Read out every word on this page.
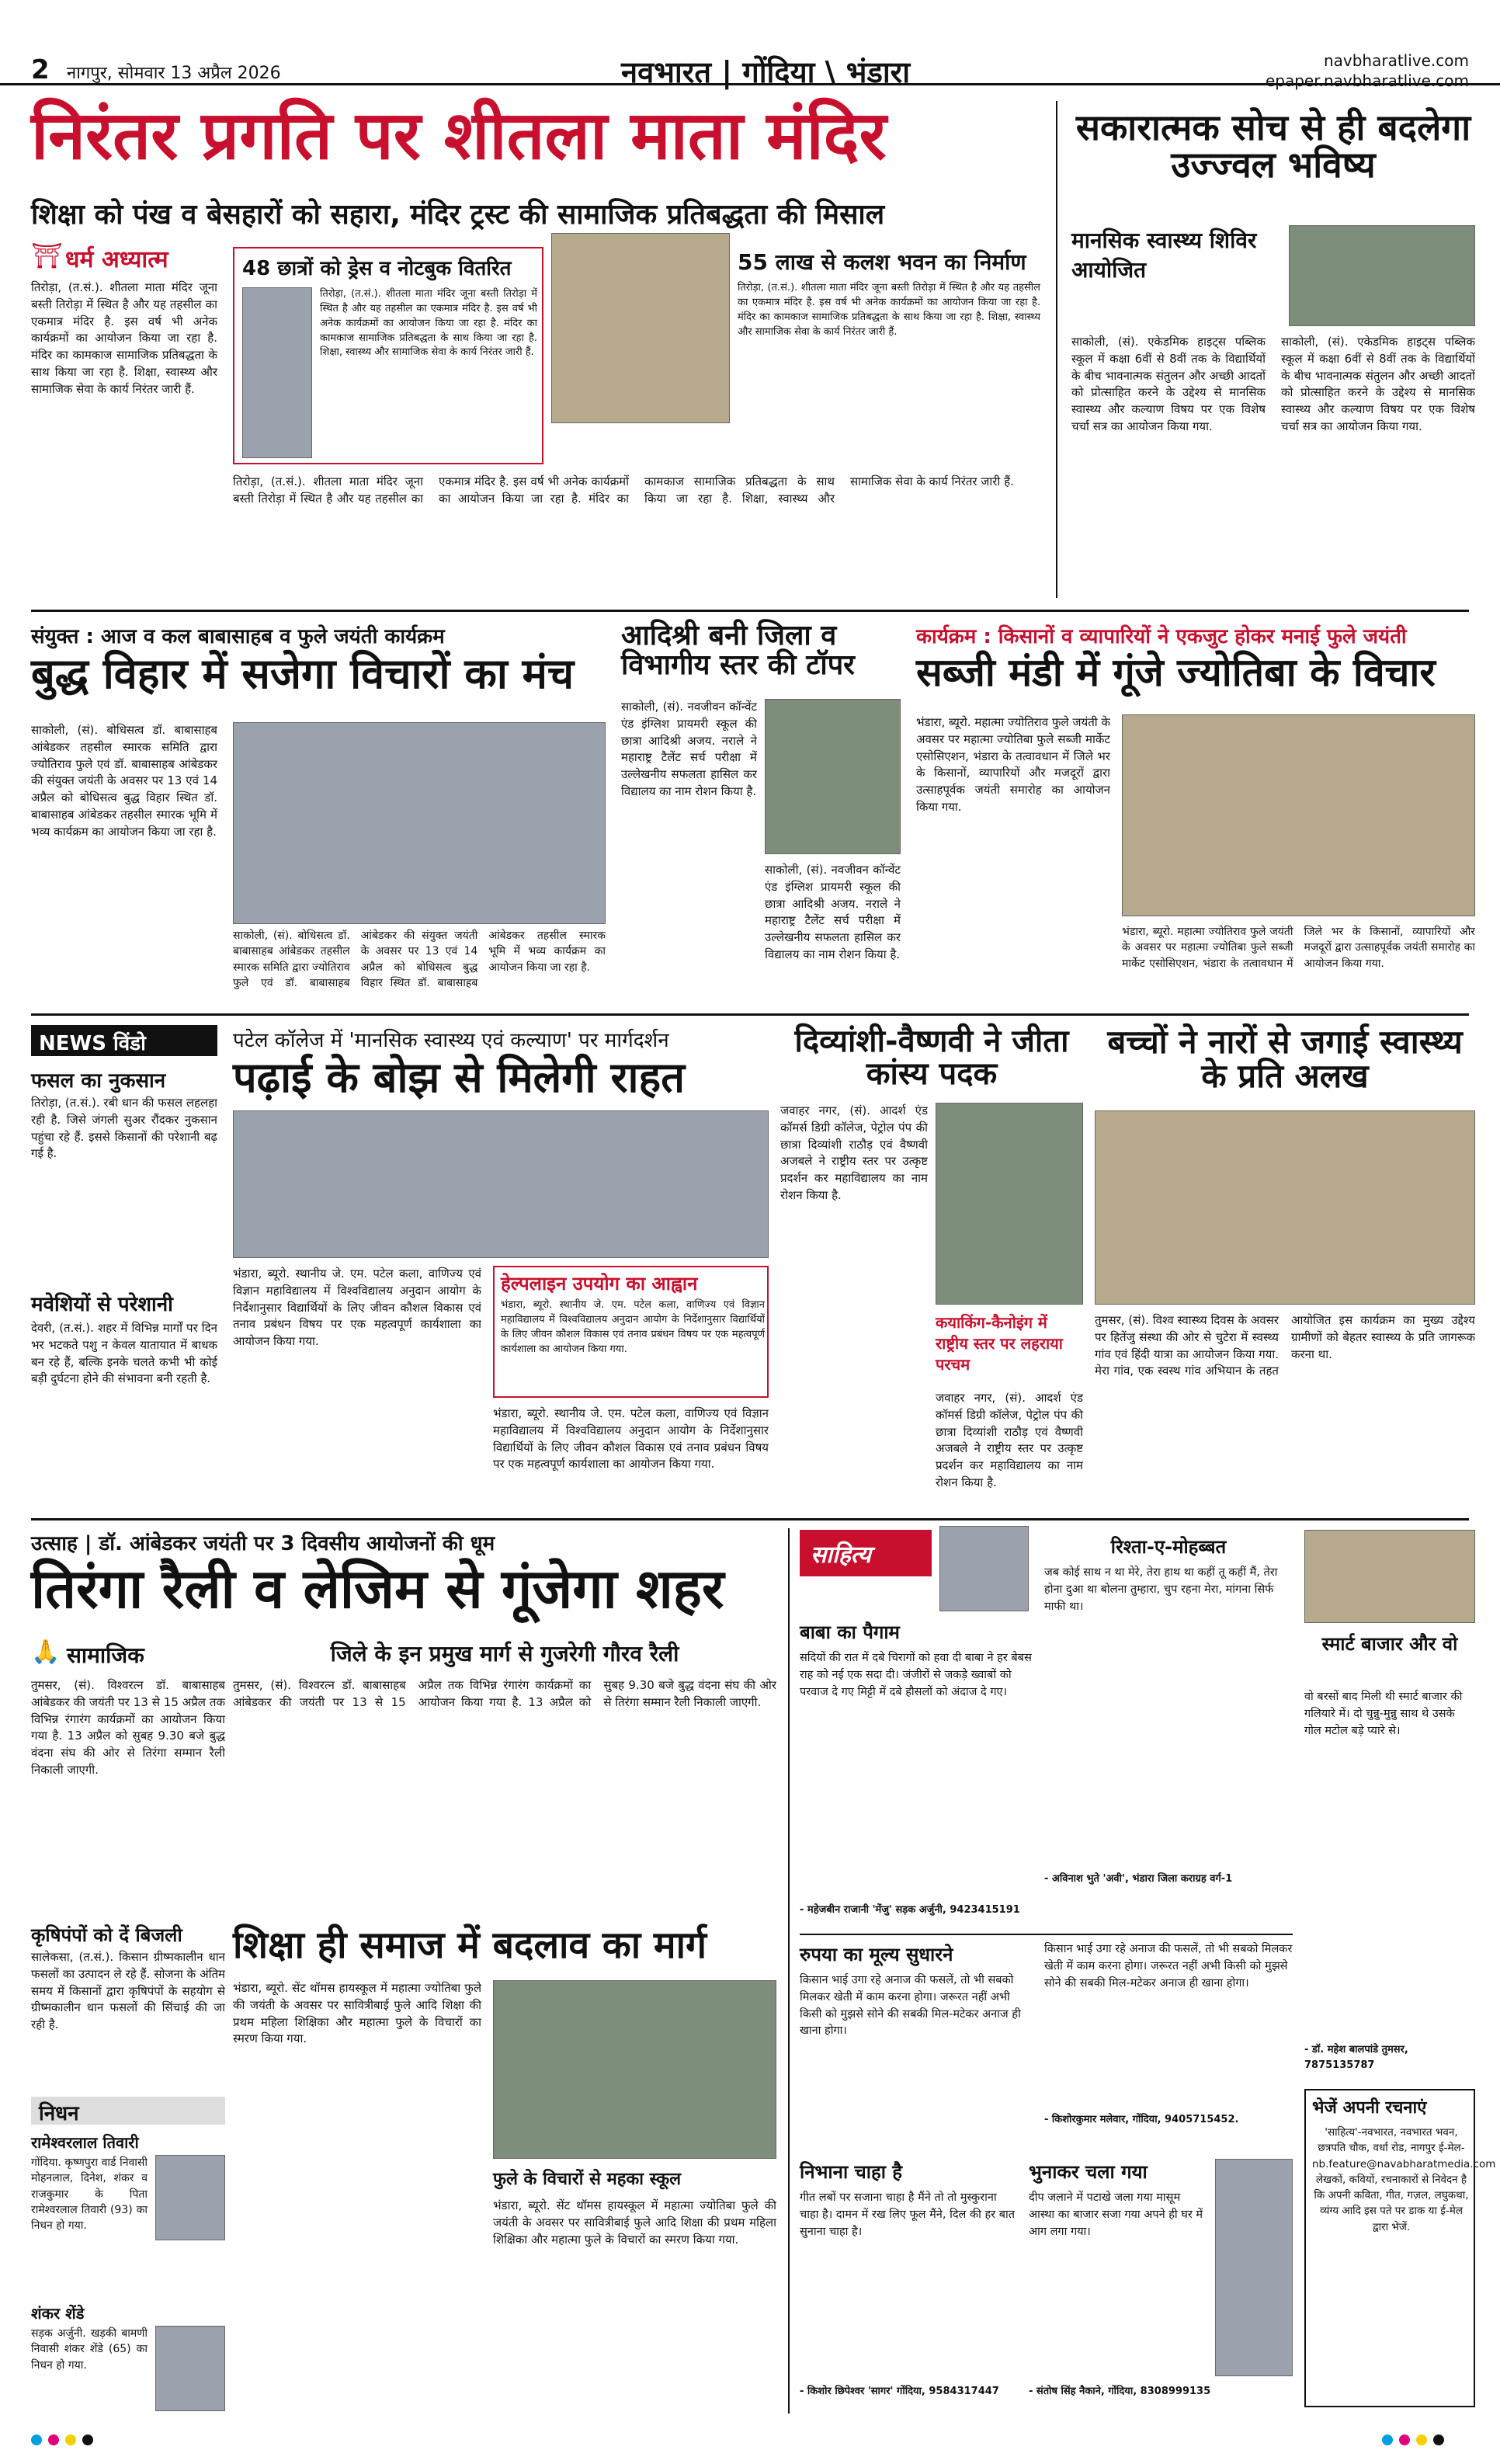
2 नागपुर, सोमवार 13 अप्रैल 2026	नवभारत | गोंदिया \ भंडारा	navbharatlive.com
epaper.navbharatlive.com
निरंतर प्रगति पर शीतला माता मंदिर
शिक्षा को पंख व बेसहारों को सहारा, मंदिर ट्रस्ट की सामाजिक प्रतिबद्धता की मिसाल
⛩ धर्म अध्यात्म
तिरोड़ा, (त.सं.). शीतला माता मंदिर जूना बस्ती तिरोड़ा में स्थित है और यह तहसील का एकमात्र मंदिर है. इस वर्ष भी अनेक कार्यक्रमों का आयोजन किया जा रहा है. मंदिर का कामकाज सामाजिक प्रतिबद्धता के साथ किया जा रहा है. शिक्षा, स्वास्थ्य और सामाजिक सेवा के कार्य निरंतर जारी हैं.
48 छात्रों को ड्रेस व नोटबुक वितरित
तिरोड़ा, (त.सं.). शीतला माता मंदिर जूना बस्ती तिरोड़ा में स्थित है और यह तहसील का एकमात्र मंदिर है. इस वर्ष भी अनेक कार्यक्रमों का आयोजन किया जा रहा है. मंदिर का कामकाज सामाजिक प्रतिबद्धता के साथ किया जा रहा है. शिक्षा, स्वास्थ्य और सामाजिक सेवा के कार्य निरंतर जारी हैं.
55 लाख से कलश भवन का निर्माण
तिरोड़ा, (त.सं.). शीतला माता मंदिर जूना बस्ती तिरोड़ा में स्थित है और यह तहसील का एकमात्र मंदिर है. इस वर्ष भी अनेक कार्यक्रमों का आयोजन किया जा रहा है. मंदिर का कामकाज सामाजिक प्रतिबद्धता के साथ किया जा रहा है. शिक्षा, स्वास्थ्य और सामाजिक सेवा के कार्य निरंतर जारी हैं.
तिरोड़ा, (त.सं.). शीतला माता मंदिर जूना बस्ती तिरोड़ा में स्थित है और यह तहसील का एकमात्र मंदिर है. इस वर्ष भी अनेक कार्यक्रमों का आयोजन किया जा रहा है. मंदिर का कामकाज सामाजिक प्रतिबद्धता के साथ किया जा रहा है. शिक्षा, स्वास्थ्य और सामाजिक सेवा के कार्य निरंतर जारी हैं.
सकारात्मक सोच से ही बदलेगा उज्ज्वल भविष्य
मानसिक स्वास्थ्य शिविर आयोजित
साकोली, (सं). एकेडमिक हाइट्स पब्लिक स्कूल में कक्षा 6वीं से 8वीं तक के विद्यार्थियों के बीच भावनात्मक संतुलन और अच्छी आदतों को प्रोत्साहित करने के उद्देश्य से मानसिक स्वास्थ्य और कल्याण विषय पर एक विशेष चर्चा सत्र का आयोजन किया गया.
साकोली, (सं). एकेडमिक हाइट्स पब्लिक स्कूल में कक्षा 6वीं से 8वीं तक के विद्यार्थियों के बीच भावनात्मक संतुलन और अच्छी आदतों को प्रोत्साहित करने के उद्देश्य से मानसिक स्वास्थ्य और कल्याण विषय पर एक विशेष चर्चा सत्र का आयोजन किया गया.
संयुक्त : आज व कल बाबासाहब व फुले जयंती कार्यक्रम
बुद्ध विहार में सजेगा विचारों का मंच
साकोली, (सं). बोधिसत्व डॉ. बाबासाहब आंबेडकर तहसील स्मारक समिति द्वारा ज्योतिराव फुले एवं डॉ. बाबासाहब आंबेडकर की संयुक्त जयंती के अवसर पर 13 एवं 14 अप्रैल को बोधिसत्व बुद्ध विहार स्थित डॉ. बाबासाहब आंबेडकर तहसील स्मारक भूमि में भव्य कार्यक्रम का आयोजन किया जा रहा है.
साकोली, (सं). बोधिसत्व डॉ. बाबासाहब आंबेडकर तहसील स्मारक समिति द्वारा ज्योतिराव फुले एवं डॉ. बाबासाहब आंबेडकर की संयुक्त जयंती के अवसर पर 13 एवं 14 अप्रैल को बोधिसत्व बुद्ध विहार स्थित डॉ. बाबासाहब आंबेडकर तहसील स्मारक भूमि में भव्य कार्यक्रम का आयोजन किया जा रहा है.
आदिश्री बनी जिला व विभागीय स्तर की टॉपर
साकोली, (सं). नवजीवन कॉन्वेंट एंड इंग्लिश प्रायमरी स्कूल की छात्रा आदिश्री अजय. नराले ने महाराष्ट्र टैलेंट सर्च परीक्षा में उल्लेखनीय सफलता हासिल कर विद्यालय का नाम रोशन किया है.
साकोली, (सं). नवजीवन कॉन्वेंट एंड इंग्लिश प्रायमरी स्कूल की छात्रा आदिश्री अजय. नराले ने महाराष्ट्र टैलेंट सर्च परीक्षा में उल्लेखनीय सफलता हासिल कर विद्यालय का नाम रोशन किया है.
कार्यक्रम : किसानों व व्यापारियों ने एकजुट होकर मनाई फुले जयंती
सब्जी मंडी में गूंजे ज्योतिबा के विचार
भंडारा, ब्यूरो. महात्मा ज्योतिराव फुले जयंती के अवसर पर महात्मा ज्योतिबा फुले सब्जी मार्केट एसोसिएशन, भंडारा के तत्वावधान में जिले भर के किसानों, व्यापारियों और मजदूरों द्वारा उत्साहपूर्वक जयंती समारोह का आयोजन किया गया.
भंडारा, ब्यूरो. महात्मा ज्योतिराव फुले जयंती के अवसर पर महात्मा ज्योतिबा फुले सब्जी मार्केट एसोसिएशन, भंडारा के तत्वावधान में जिले भर के किसानों, व्यापारियों और मजदूरों द्वारा उत्साहपूर्वक जयंती समारोह का आयोजन किया गया.
NEWS विंडो
फसल का नुकसान
तिरोड़ा, (त.सं.). रबी धान की फसल लहलहा रही है. जिसे जंगली सुअर रौंदकर नुकसान पहुंचा रहे हैं. इससे किसानों की परेशानी बढ़ गई है.
मवेशियों से परेशानी
देवरी, (त.सं.). शहर में विभिन्न मार्गों पर दिन भर भटकते पशु न केवल यातायात में बाधक बन रहे हैं, बल्कि इनके चलते कभी भी कोई बड़ी दुर्घटना होने की संभावना बनी रहती है.
पटेल कॉलेज में 'मानसिक स्वास्थ्य एवं कल्याण' पर मार्गदर्शन
पढ़ाई के बोझ से मिलेगी राहत
भंडारा, ब्यूरो. स्थानीय जे. एम. पटेल कला, वाणिज्य एवं विज्ञान महाविद्यालय में विश्वविद्यालय अनुदान आयोग के निर्देशानुसार विद्यार्थियों के लिए जीवन कौशल विकास एवं तनाव प्रबंधन विषय पर एक महत्वपूर्ण कार्यशाला का आयोजन किया गया.
हेल्पलाइन उपयोग का आह्वान
भंडारा, ब्यूरो. स्थानीय जे. एम. पटेल कला, वाणिज्य एवं विज्ञान महाविद्यालय में विश्वविद्यालय अनुदान आयोग के निर्देशानुसार विद्यार्थियों के लिए जीवन कौशल विकास एवं तनाव प्रबंधन विषय पर एक महत्वपूर्ण कार्यशाला का आयोजन किया गया.
भंडारा, ब्यूरो. स्थानीय जे. एम. पटेल कला, वाणिज्य एवं विज्ञान महाविद्यालय में विश्वविद्यालय अनुदान आयोग के निर्देशानुसार विद्यार्थियों के लिए जीवन कौशल विकास एवं तनाव प्रबंधन विषय पर एक महत्वपूर्ण कार्यशाला का आयोजन किया गया.
दिव्यांशी-वैष्णवी ने जीता कांस्य पदक
जवाहर नगर, (सं). आदर्श एंड कॉमर्स डिग्री कॉलेज, पेट्रोल पंप की छात्रा दिव्यांशी राठौड़ एवं वैष्णवी अजबले ने राष्ट्रीय स्तर पर उत्कृष्ट प्रदर्शन कर महाविद्यालय का नाम रोशन किया है.
कयाकिंग-कैनोइंग में राष्ट्रीय स्तर पर लहराया परचम
जवाहर नगर, (सं). आदर्श एंड कॉमर्स डिग्री कॉलेज, पेट्रोल पंप की छात्रा दिव्यांशी राठौड़ एवं वैष्णवी अजबले ने राष्ट्रीय स्तर पर उत्कृष्ट प्रदर्शन कर महाविद्यालय का नाम रोशन किया है.
बच्चों ने नारों से जगाई स्वास्थ्य के प्रति अलख
तुमसर, (सं). विश्व स्वास्थ्य दिवस के अवसर पर हितेंजु संस्था की ओर से चुटेरा में स्वस्थ्य गांव एवं हिंदी यात्रा का आयोजन किया गया. मेरा गांव, एक स्वस्थ गांव अभियान के तहत आयोजित इस कार्यक्रम का मुख्य उद्देश्य ग्रामीणों को बेहतर स्वास्थ्य के प्रति जागरूक करना था.
उत्साह | डॉ. आंबेडकर जयंती पर 3 दिवसीय आयोजनों की धूम
तिरंगा रैली व लेजिम से गूंजेगा शहर
🙏 सामाजिक	जिले के इन प्रमुख मार्ग से गुजरेगी गौरव रैली
तुमसर, (सं). विश्वरत्न डॉ. बाबासाहब आंबेडकर की जयंती पर 13 से 15 अप्रैल तक विभिन्न रंगारंग कार्यक्रमों का आयोजन किया गया है. 13 अप्रैल को सुबह 9.30 बजे बुद्ध वंदना संघ की ओर से तिरंगा सम्मान रैली निकाली जाएगी.
तुमसर, (सं). विश्वरत्न डॉ. बाबासाहब आंबेडकर की जयंती पर 13 से 15 अप्रैल तक विभिन्न रंगारंग कार्यक्रमों का आयोजन किया गया है. 13 अप्रैल को सुबह 9.30 बजे बुद्ध वंदना संघ की ओर से तिरंगा सम्मान रैली निकाली जाएगी.
कृषिपंपों को दें बिजली
सालेकसा, (त.सं.). किसान ग्रीष्मकालीन धान फसलों का उत्पादन ले रहे हैं. सोजना के अंतिम समय में किसानों द्वारा कृषिपंपों के सहयोग से ग्रीष्मकालीन धान फसलों की सिंचाई की जा रही है.
निधन
रामेश्वरलाल तिवारी
गोंदिया. कृष्णपुरा वार्ड निवासी मोहनलाल, दिनेश, शंकर व राजकुमार के पिता रामेश्वरलाल तिवारी (93) का निधन हो गया.
शंकर शेंडे
सड़क अर्जुनी. खड़की बामणी निवासी शंकर शेंडे (65) का निधन हो गया.
शिक्षा ही समाज में बदलाव का मार्ग
भंडारा, ब्यूरो. सेंट थॉमस हायस्कूल में महात्मा ज्योतिबा फुले की जयंती के अवसर पर सावित्रीबाई फुले आदि शिक्षा की प्रथम महिला शिक्षिका और महात्मा फुले के विचारों का स्मरण किया गया.
फुले के विचारों से महका स्कूल
भंडारा, ब्यूरो. सेंट थॉमस हायस्कूल में महात्मा ज्योतिबा फुले की जयंती के अवसर पर सावित्रीबाई फुले आदि शिक्षा की प्रथम महिला शिक्षिका और महात्मा फुले के विचारों का स्मरण किया गया.
साहित्य
बाबा का पैगाम
सदियों की रात में दबे चिरागों को हवा दी बाबा ने हर बेबस राह को नई एक सदा दी। जंजीरों से जकड़े ख्वाबों को परवाज दे गए मिट्टी में दबे हौसलों को अंदाज दे गए।
- महेजबीन राजानी 'मेंजु' सड़क अर्जुनी, 9423415191
रिश्ता-ए-मोहब्बत
जब कोई साथ न था मेरे, तेरा हाथ था कहीं तू कहीं मैं, तेरा होना दुआ था बोलना तुम्हारा, चुप रहना मेरा, मांगना सिर्फ माफी था।
- अविनाश भुते 'अवी', भंडारा जिला कराग्रह वर्ग-1
स्मार्ट बाजार और वो
वो बरसों बाद मिली थी स्मार्ट बाजार की गलियारे में। दो चुन्नु-मुन्नु साथ थे उसके गोल मटोल बड़े प्यारे से।
- डॉ. महेश बालपांडे तुमसर, 7875135787
रुपया का मूल्य सुधारने
किसान भाई उगा रहे अनाज की फसलें, तो भी सबको मिलकर खेती में काम करना होगा। जरूरत नहीं अभी किसी को मुझसे सोने की सबकी मिल-मटेकर अनाज ही खाना होगा।
किसान भाई उगा रहे अनाज की फसलें, तो भी सबको मिलकर खेती में काम करना होगा। जरूरत नहीं अभी किसी को मुझसे सोने की सबकी मिल-मटेकर अनाज ही खाना होगा।
- किशोरकुमार मलेवार, गोंदिया, 9405715452.
निभाना चाहा है
गीत लबों पर सजाना चाहा है मैंने तो तो मुस्कुराना चाहा है। दामन में रख लिए फूल मैंने, दिल की हर बात सुनाना चाहा है।
- किशोर छिपेश्वर 'सागर' गोंदिया, 9584317447
भुनाकर चला गया
दीप जलाने में पटाखे जला गया मासूम आस्था का बाजार सजा गया अपने ही घर में आग लगा गया।
- संतोष सिंह नैकाने, गोंदिया, 8308999135
भेजें अपनी रचनाएं
'साहित्य'-नवभारत, नवभारत भवन, छत्रपति चौक, वर्धा रोड, नागपुर ई-मेल-nb.feature@navabharatmedia.com लेखकों, कवियों, रचनाकारों से निवेदन है कि अपनी कविता, गीत, गज़ल, लघुकथा, व्यंग्य आदि इस पते पर डाक या ई-मेल द्वारा भेजें.
